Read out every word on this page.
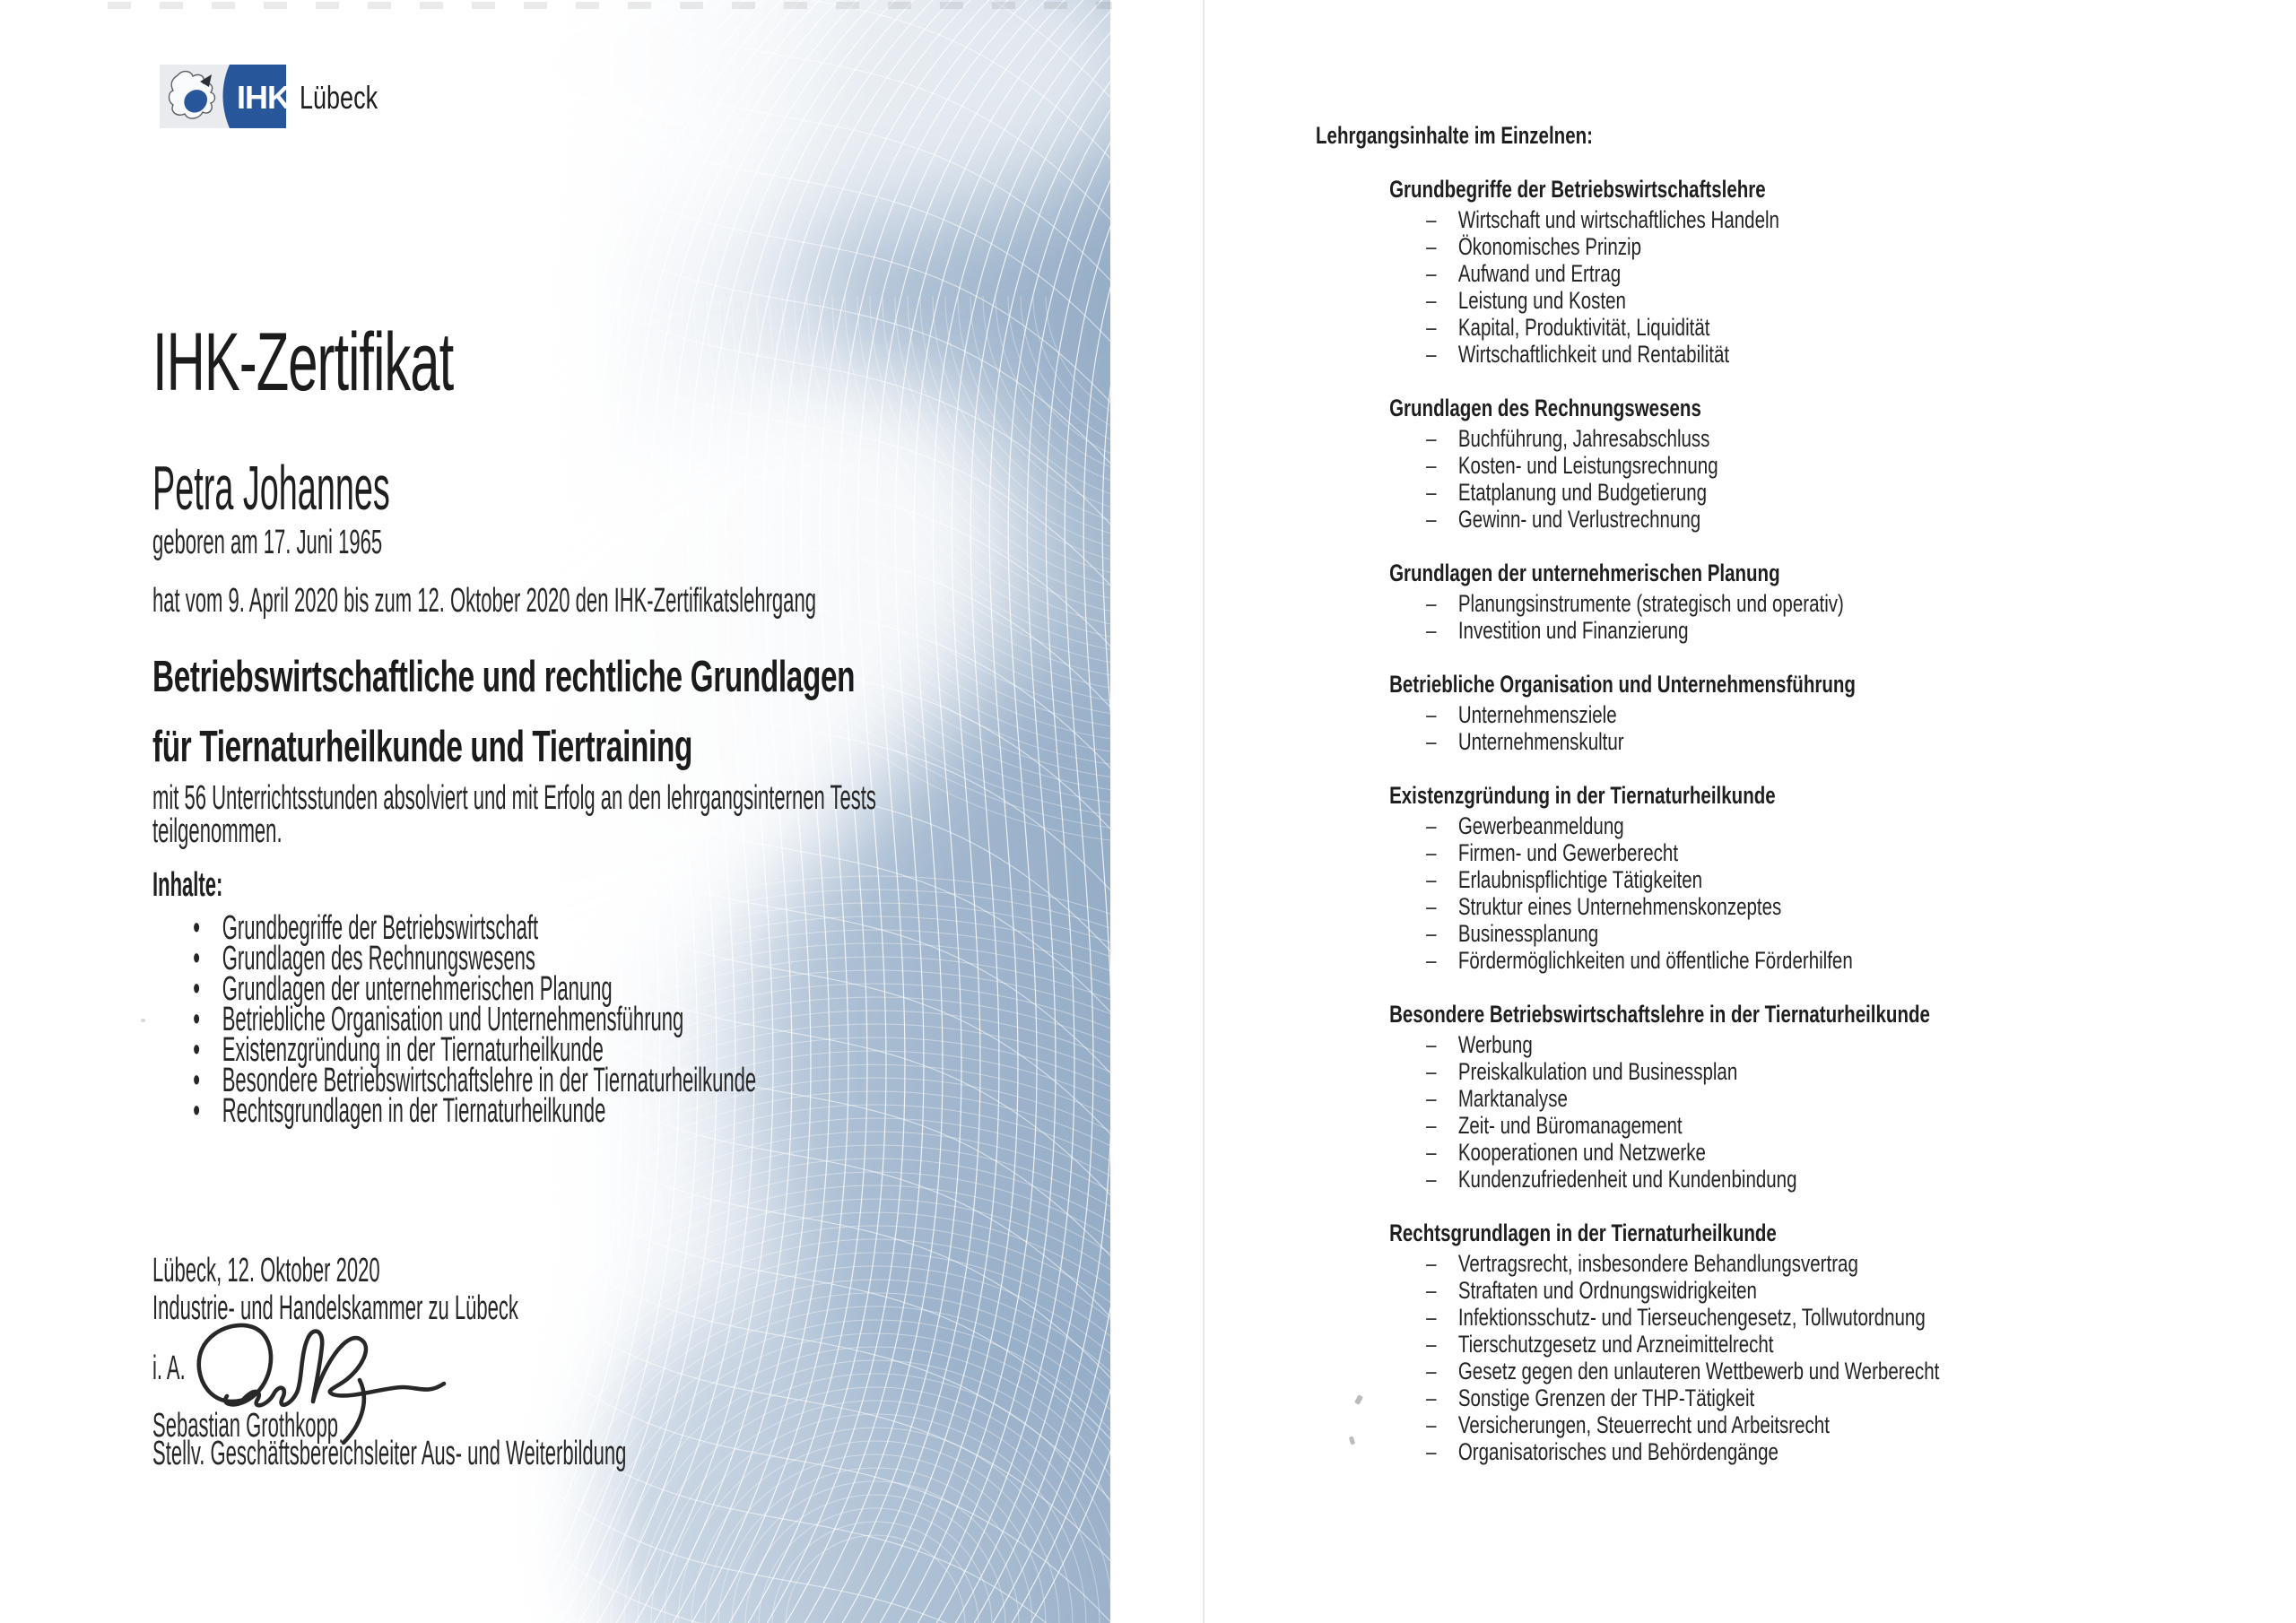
IHK Lübeck
IHK-Zertifikat
Petra Johannes
geboren am 17. Juni 1965
hat vom 9. April 2020 bis zum 12. Oktober 2020 den IHK-Zertifikatslehrgang
Betriebswirtschaftliche und rechtliche Grundlagen
für Tiernaturheilkunde und Tiertraining
mit 56 Unterrichtsstunden absolviert und mit Erfolg an den lehrgangsinternen Tests
teilgenommen.
Inhalte:
• Grundbegriffe der Betriebswirtschaft
• Grundlagen des Rechnungswesens
• Grundlagen der unternehmerischen Planung
• Betriebliche Organisation und Unternehmensführung
• Existenzgründung in der Tiernaturheilkunde
• Besondere Betriebswirtschaftslehre in der Tiernaturheilkunde
• Rechtsgrundlagen in der Tiernaturheilkunde
Lübeck, 12. Oktober 2020
Industrie- und Handelskammer zu Lübeck
i. A.
Sebastian Grothkopp
Stellv. Geschäftsbereichsleiter Aus- und Weiterbildung
Lehrgangsinhalte im Einzelnen:
Grundbegriffe der Betriebswirtschaftslehre
– Wirtschaft und wirtschaftliches Handeln
– Ökonomisches Prinzip
– Aufwand und Ertrag
– Leistung und Kosten
– Kapital, Produktivität, Liquidität
– Wirtschaftlichkeit und Rentabilität
Grundlagen des Rechnungswesens
– Buchführung, Jahresabschluss
– Kosten- und Leistungsrechnung
– Etatplanung und Budgetierung
– Gewinn- und Verlustrechnung
Grundlagen der unternehmerischen Planung
– Planungsinstrumente (strategisch und operativ)
– Investition und Finanzierung
Betriebliche Organisation und Unternehmensführung
– Unternehmensziele
– Unternehmenskultur
Existenzgründung in der Tiernaturheilkunde
– Gewerbeanmeldung
– Firmen- und Gewerberecht
– Erlaubnispflichtige Tätigkeiten
– Struktur eines Unternehmenskonzeptes
– Businessplanung
– Fördermöglichkeiten und öffentliche Förderhilfen
Besondere Betriebswirtschaftslehre in der Tiernaturheilkunde
– Werbung
– Preiskalkulation und Businessplan
– Marktanalyse
– Zeit- und Büromanagement
– Kooperationen und Netzwerke
– Kundenzufriedenheit und Kundenbindung
Rechtsgrundlagen in der Tiernaturheilkunde
– Vertragsrecht, insbesondere Behandlungsvertrag
– Straftaten und Ordnungswidrigkeiten
– Infektionsschutz- und Tierseuchengesetz, Tollwutordnung
– Tierschutzgesetz und Arzneimittelrecht
– Gesetz gegen den unlauteren Wettbewerb und Werberecht
– Sonstige Grenzen der THP-Tätigkeit
– Versicherungen, Steuerrecht und Arbeitsrecht
– Organisatorisches und Behördengänge
